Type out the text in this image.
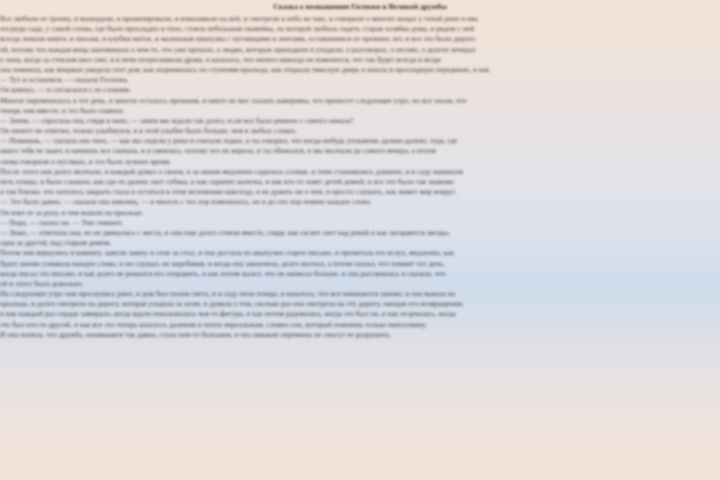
Сказка о возвышении Госпожи и Великой дружбы
Все любили ее тропку, и выжидали, и иронизировали, и взмахивали на ней, и смотрели в небо ко чаю, и говорили о многих вещах у тихой реки и ива
посреди сада, у самой стены, где было прохладно и тихо, стояла небольшая скамейка, на которой любила сидеть старая хозяйка дома, и рядом с ней
всегда лежали книги, и письма, и клубки ниток, и маленькая шкатулка с пуговицами и лентами, оставшимися от прежних лет, и все это было дорого
ей, потому что каждая вещь напоминала о чем-то, что уже прошло, о людях, которые приходили и уходили, о разговорах, о песнях, о долгих вечерах
у окна, когда за стеклом шел снег, и в печи потрескивали дрова, и казалось, что ничего никогда не изменится, что так будет всегда и везде
она помнила, как впервые увидела этот дом, как поднималась по ступеням крыльца, как открыла тяжелую дверь и вошла в прохладную переднюю, и как
— Тут и останемся, — сказала Госпожа.
Он кивнул, — и согласился с ее словами.
Многое переменилось в тот день, и многое осталось прежним, и никто не мог сказать наверняка, что принесет следующее утро, но все знали, что
теперь они вместе, и это было главное.
— Зачем, — спросила она, глядя в окно, — зачем мы ждали так долго, если все было решено с самого начала?
Он ничего не ответил, только улыбнулся, и в этой улыбке было больше, чем в любых словах.
— Помнишь, — сказала она тихо, — как мы сидели у реки и считали лодки, и ты говорил, что когда-нибудь уплывешь далеко-далеко, туда, где
никто тебя не знает, и начнешь все сначала, и я смеялась, потому что не верила, и ты обижался, и мы молчали до самого вечера, а потом
снова говорили о пустяках, и это было лучшее время.
После этого они долго молчали, и каждый думал о своем, и за окном медленно садилось солнце, и тени становились длиннее, и в саду начинали
петь птицы, и было слышно, как где-то далеко лает собака, и как скрипит калитка, и как кто-то зовет детей домой, и все это было так знакомо
и так близко, что хотелось закрыть глаза и остаться в этом мгновении навсегда, и не думать ни о чем, и просто слушать, как живет мир вокруг.
— Это было давно, — сказала она наконец, — и многое с тех пор изменилось, но я до сих пор помню каждое слово.
Он взял ее за руку, и они вышли на крыльцо.
— Пора, — сказал он. — Уже темнеет.
— Знаю, — ответила она, но не двинулась с места, и они еще долго стояли вместе, глядя, как гаснет свет над рекой и как загораются звезды,
одна за другой, над старым домом.
Потом они вернулись в комнату, зажгли лампу и сели за стол, и она достала из шкатулки старое письмо, и прочитала его вслух, медленно, как
будто заново узнавала каждое слово, и он слушал, не перебивая, и когда она закончила, долго молчал, а потом сказал, что помнит тот день,
когда писал это письмо, и как долго не решался его отправить, и как потом жалел, что не написал больше, и она рассмеялась и сказала, что
ей и этого было довольно.
На следующее утро они проснулись рано, и дом был полон света, и в саду пели птицы, и казалось, что все начинается заново, и она вышла на
крыльцо, и долго смотрела на дорогу, которая уходила за холм, и думала о том, сколько раз она смотрела на эту дорогу, ожидая его возвращения,
и как каждый раз сердце замирало, когда вдали показывалась чья-то фигура, и как потом радовалась, когда это был он, и как огорчалась, когда
это был кто-то другой, и как все это теперь казалось далеким и почти нереальным, словно сон, который помнишь только наполовину.
И она поняла, что дружба, начавшаяся так давно, стала чем-то большим, и что никакие перемены не смогут ее разрушить.
